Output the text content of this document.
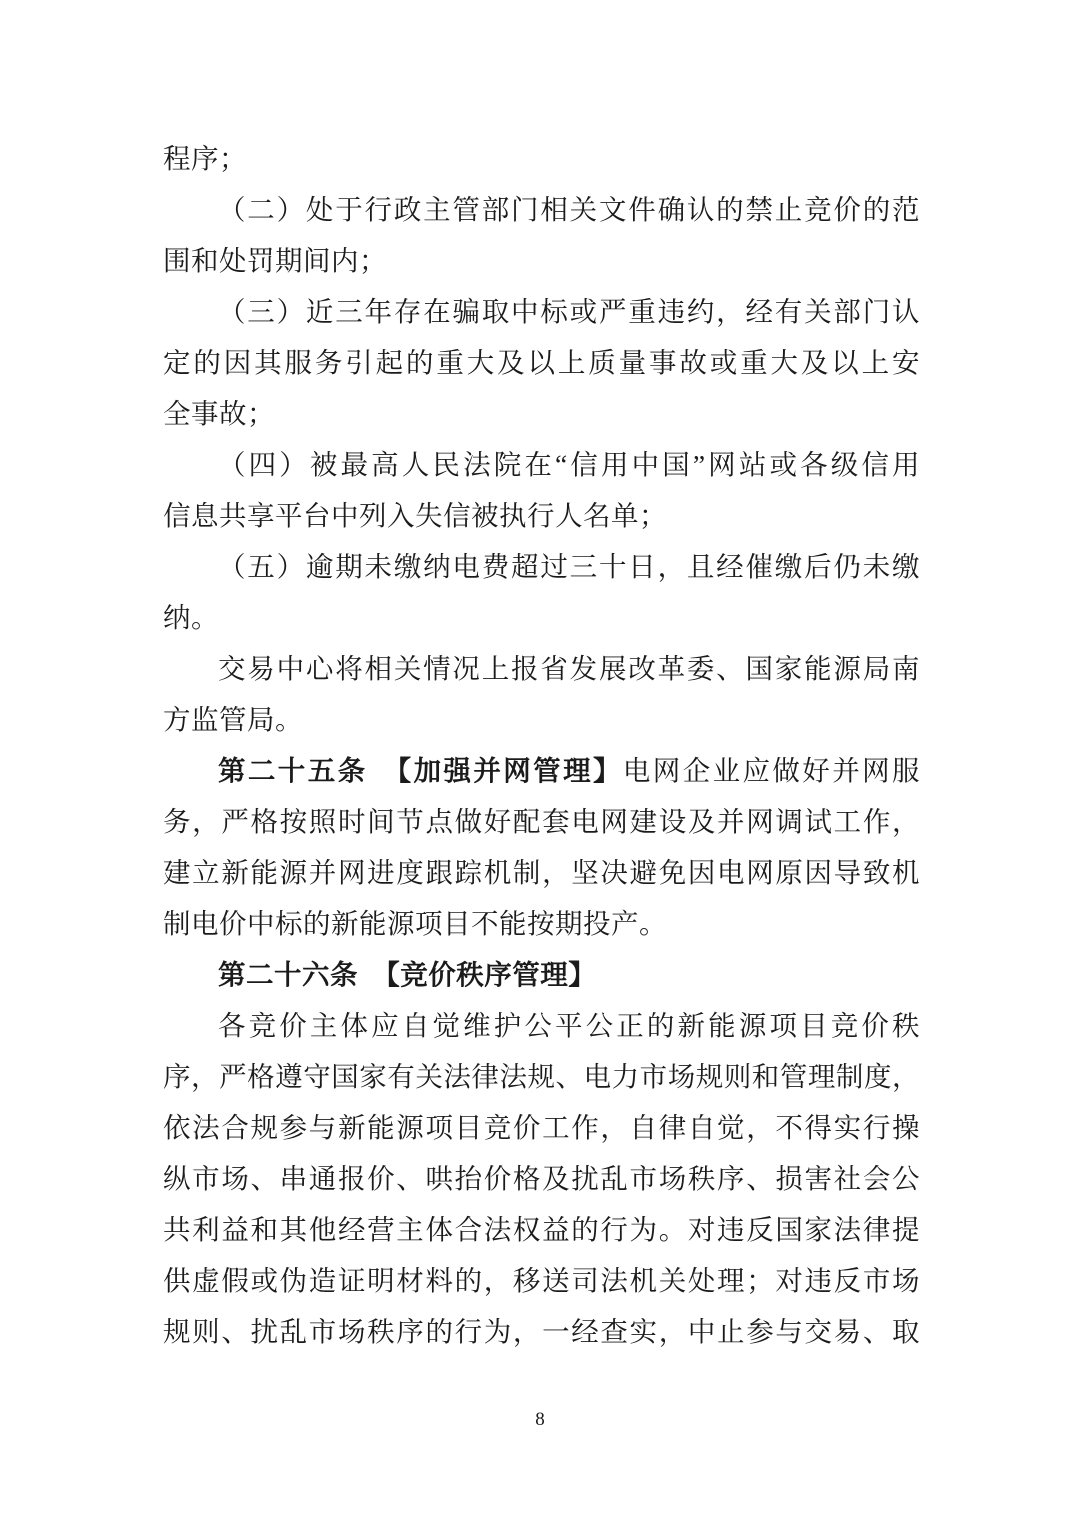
程序；
（二）处于行政主管部门相关文件确认的禁止竞价的范
围和处罚期间内；
（三）近三年存在骗取中标或严重违约，经有关部门认
定的因其服务引起的重大及以上质量事故或重大及以上安
全事故；
（四）被最高人民法院在“信用中国”网站或各级信用
信息共享平台中列入失信被执行人名单；
（五）逾期未缴纳电费超过三十日，且经催缴后仍未缴
纳。
交易中心将相关情况上报省发展改革委、国家能源局南
方监管局。
第二十五条　【加强并网管理】电网企业应做好并网服
务，严格按照时间节点做好配套电网建设及并网调试工作，
建立新能源并网进度跟踪机制，坚决避免因电网原因导致机
制电价中标的新能源项目不能按期投产。
第二十六条　【竞价秩序管理】
各竞价主体应自觉维护公平公正的新能源项目竞价秩
序，严格遵守国家有关法律法规、电力市场规则和管理制度，
依法合规参与新能源项目竞价工作，自律自觉，不得实行操
纵市场、串通报价、哄抬价格及扰乱市场秩序、损害社会公
共利益和其他经营主体合法权益的行为。对违反国家法律提
供虚假或伪造证明材料的，移送司法机关处理；对违反市场
规则、扰乱市场秩序的行为，一经查实，中止参与交易、取
8
